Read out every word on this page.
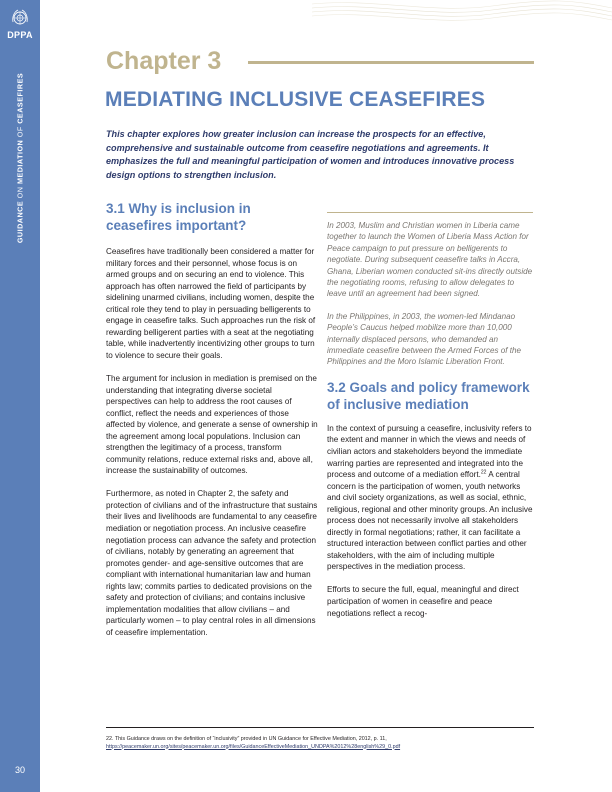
DPPA
GUIDANCE ON MEDIATION OF CEASEFIRES
30
Chapter 3
MEDIATING INCLUSIVE CEASEFIRES

This chapter explores how greater inclusion can increase the prospects for an effective, comprehensive and sustainable outcome from ceasefire negotiations and agreements. It emphasizes the full and meaningful participation of women and introduces innovative process design options to strengthen inclusion.

3.1 Why is inclusion in ceasefires important?

Ceasefires have traditionally been considered a matter for military forces and their personnel, whose focus is on armed groups and on securing an end to violence. This approach has often narrowed the field of participants by sidelining unarmed civilians, including women, despite the critical role they tend to play in persuading belligerents to engage in ceasefire talks. Such approaches run the risk of rewarding belligerent parties with a seat at the negotiating table, while inadvertently incentivizing other groups to turn to violence to secure their goals.

The argument for inclusion in mediation is premised on the understanding that integrating diverse societal perspectives can help to address the root causes of conflict, reflect the needs and experiences of those affected by violence, and generate a sense of ownership in the agreement among local populations. Inclusion can strengthen the legitimacy of a process, transform community relations, reduce external risks and, above all, increase the sustainability of outcomes.

Furthermore, as noted in Chapter 2, the safety and protection of civilians and of the infrastructure that sustains their lives and livelihoods are fundamental to any ceasefire mediation or negotiation process. An inclusive ceasefire negotiation process can advance the safety and protection of civilians, notably by generating an agreement that promotes gender- and age-sensitive outcomes that are compliant with international humanitarian law and human rights law; commits parties to dedicated provisions on the safety and protection of civilians; and contains inclusive implementation modalities that allow civilians – and particularly women – to play central roles in all dimensions of ceasefire implementation.

In 2003, Muslim and Christian women in Liberia came together to launch the Women of Liberia Mass Action for Peace campaign to put pressure on belligerents to negotiate. During subsequent ceasefire talks in Accra, Ghana, Liberian women conducted sit-ins directly outside the negotiating rooms, refusing to allow delegates to leave until an agreement had been signed.

In the Philippines, in 2003, the women-led Mindanao People’s Caucus helped mobilize more than 10,000 internally displaced persons, who demanded an immediate ceasefire between the Armed Forces of the Philippines and the Moro Islamic Liberation Front.

3.2 Goals and policy framework of inclusive mediation

In the context of pursuing a ceasefire, inclusivity refers to the extent and manner in which the views and needs of civilian actors and stakeholders beyond the immediate warring parties are represented and integrated into the process and outcome of a mediation effort.$^{22}$ A central concern is the participation of women, youth networks and civil society organizations, as well as social, ethnic, religious, regional and other minority groups. An inclusive process does not necessarily involve all stakeholders directly in formal negotiations; rather, it can facilitate a structured interaction between conflict parties and other stakeholders, with the aim of including multiple perspectives in the mediation process.

Efforts to secure the full, equal, meaningful and direct participation of women in ceasefire and peace negotiations reflect a recog-

22. This Guidance draws on the definition of “inclusivity” provided in UN Guidance for Effective Mediation, 2012, p. 11, https://peacemaker.un.org/sites/peacemaker.un.org/files/GuidanceEffectiveMediation_UNDPA%2012%28english%29_0.pdf
